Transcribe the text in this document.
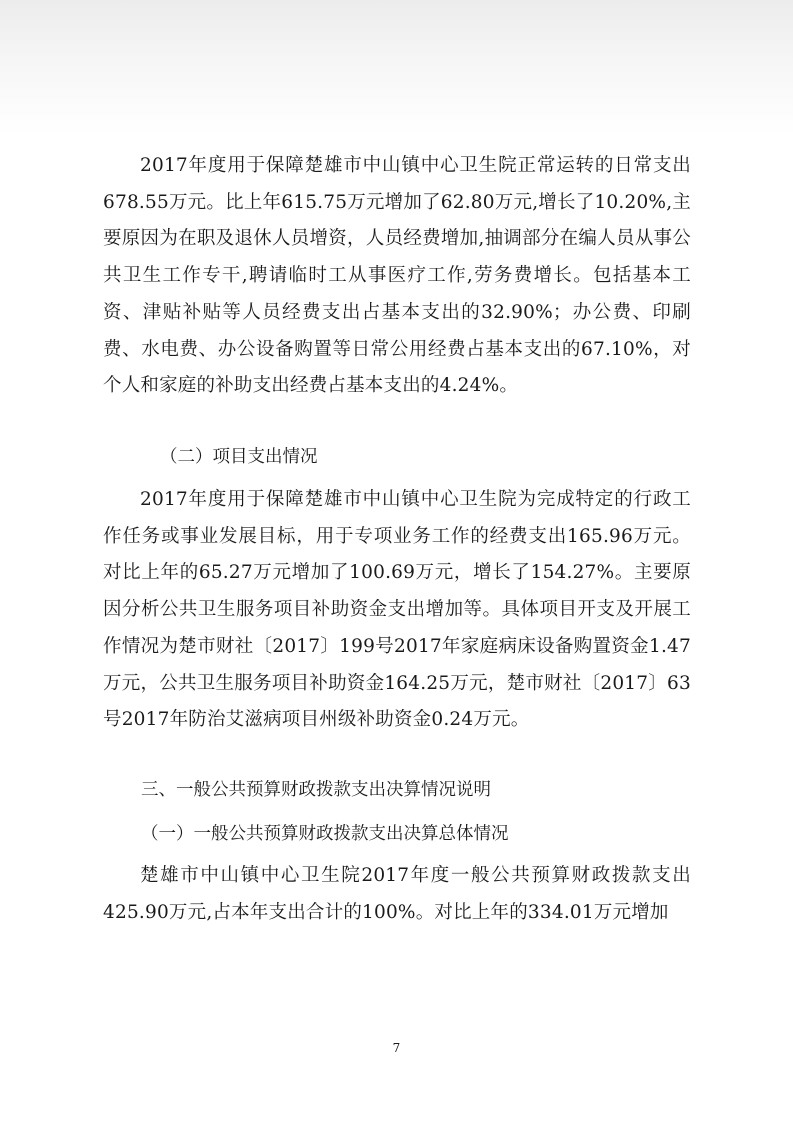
2017年度用于保障楚雄市中山镇中心卫生院正常运转的日常支出678.55万元。比上年615.75万元增加了62.80万元,增长了10.20%,主要原因为在职及退休人员增资，人员经费增加,抽调部分在编人员从事公共卫生工作专干,聘请临时工从事医疗工作,劳务费增长。包括基本工资、津贴补贴等人员经费支出占基本支出的32.90%；办公费、印刷费、水电费、办公设备购置等日常公用经费占基本支出的67.10%，对个人和家庭的补助支出经费占基本支出的4.24%。

（二）项目支出情况

2017年度用于保障楚雄市中山镇中心卫生院为完成特定的行政工作任务或事业发展目标，用于专项业务工作的经费支出165.96万元。对比上年的65.27万元增加了100.69万元，增长了154.27%。主要原因分析公共卫生服务项目补助资金支出增加等。具体项目开支及开展工作情况为楚市财社〔2017〕199号2017年家庭病床设备购置资金1.47万元，公共卫生服务项目补助资金164.25万元，楚市财社〔2017〕63号2017年防治艾滋病项目州级补助资金0.24万元。

三、一般公共预算财政拨款支出决算情况说明

（一）一般公共预算财政拨款支出决算总体情况

楚雄市中山镇中心卫生院2017年度一般公共预算财政拨款支出425.90万元,占本年支出合计的100%。对比上年的334.01万元增加

7
